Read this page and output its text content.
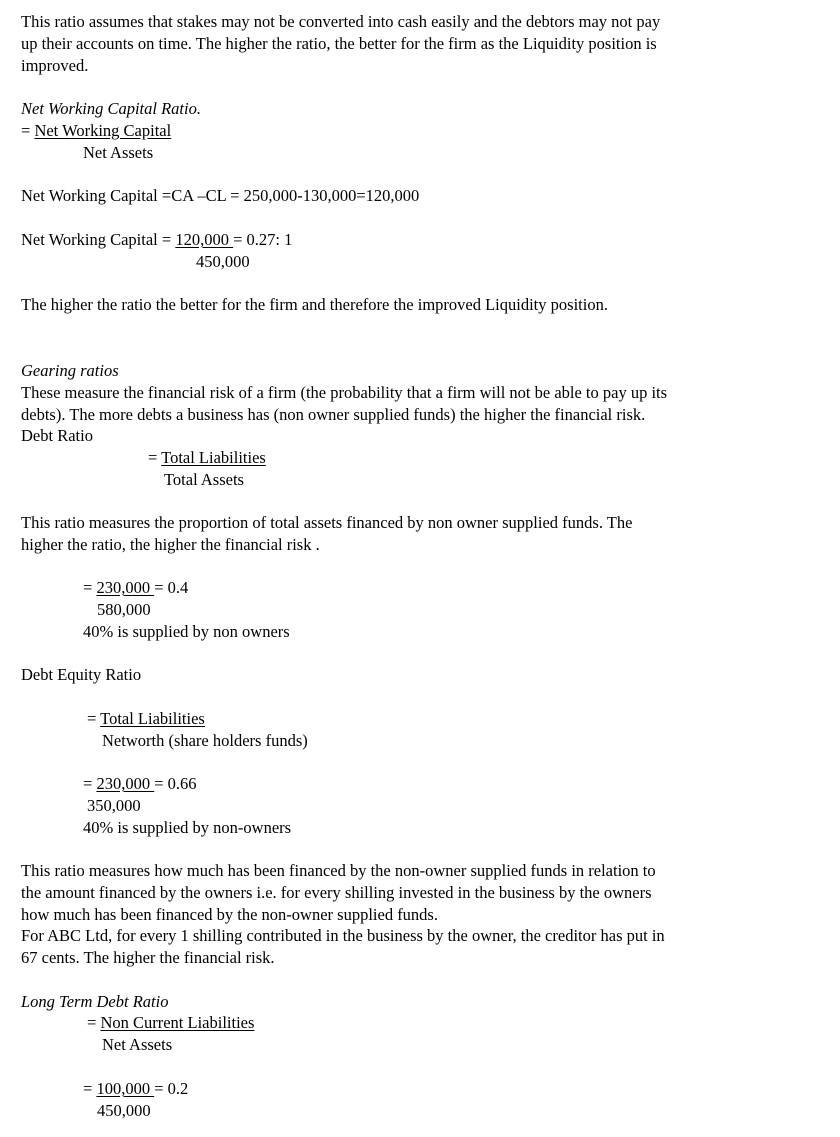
This ratio assumes that stakes may not be converted into cash easily and the debtors may not pay
up their accounts on time. The higher the ratio, the better for the firm as the Liquidity position is
improved.
Net Working Capital Ratio.
= Net Working Capital
Net Assets
Net Working Capital =CA –CL = 250,000-130,000=120,000
Net Working Capital = 120,000 = 0.27: 1
450,000
The higher the ratio the better for the firm and therefore the improved Liquidity position.
Gearing ratios
These measure the financial risk of a firm (the probability that a firm will not be able to pay up its
debts). The more debts a business has (non owner supplied funds) the higher the financial risk.
Debt Ratio
= Total Liabilities
Total Assets
This ratio measures the proportion of total assets financed by non owner supplied funds. The
higher the ratio, the higher the financial risk .
= 230,000 = 0.4
580,000
40% is supplied by non owners
Debt Equity Ratio
= Total Liabilities
Networth (share holders funds)
= 230,000 = 0.66
350,000
40% is supplied by non-owners
This ratio measures how much has been financed by the non-owner supplied funds in relation to
the amount financed by the owners i.e. for every shilling invested in the business by the owners
how much has been financed by the non-owner supplied funds.
For ABC Ltd, for every 1 shilling contributed in the business by the owner, the creditor has put in
67 cents. The higher the financial risk.
Long Term Debt Ratio
= Non Current Liabilities
Net Assets
= 100,000 = 0.2
450,000
